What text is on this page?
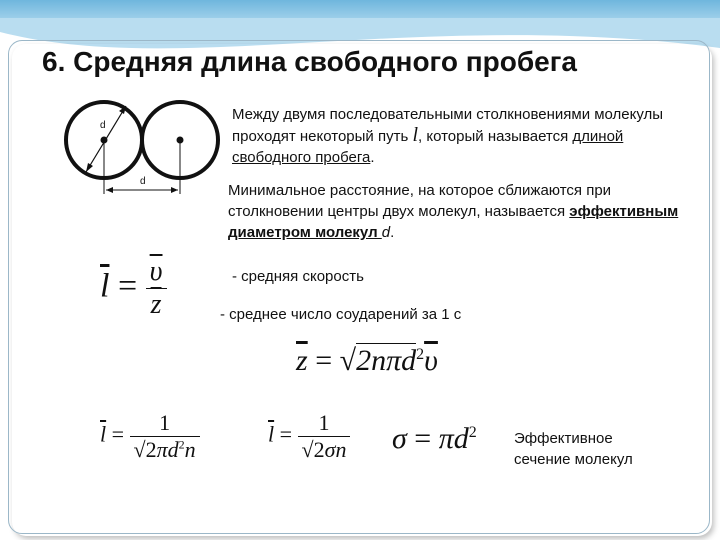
6. Средняя длина свободного пробега
d
d
Между двумя последовательными столкновениями молекулы проходят некоторый путь l, который называется длиной свободного пробега.
Минимальное расстояние, на которое сближаются при столкновении центры двух молекул, называется эффективным диаметром молекул d.
$\overline{l} = \frac{\overline{\upsilon}}{z}$	- средняя скорость
- среднее число соударений за 1 с
$\overline{z} = √2n\pi d^2\overline{\upsilon}$
$\overline{l} = \frac{1}{√2\pi d^2n}$	$\overline{l} = \frac{1}{√2\sigma n}$ $\sigma = \pi d^2$ Эффективное
сечение молекул
